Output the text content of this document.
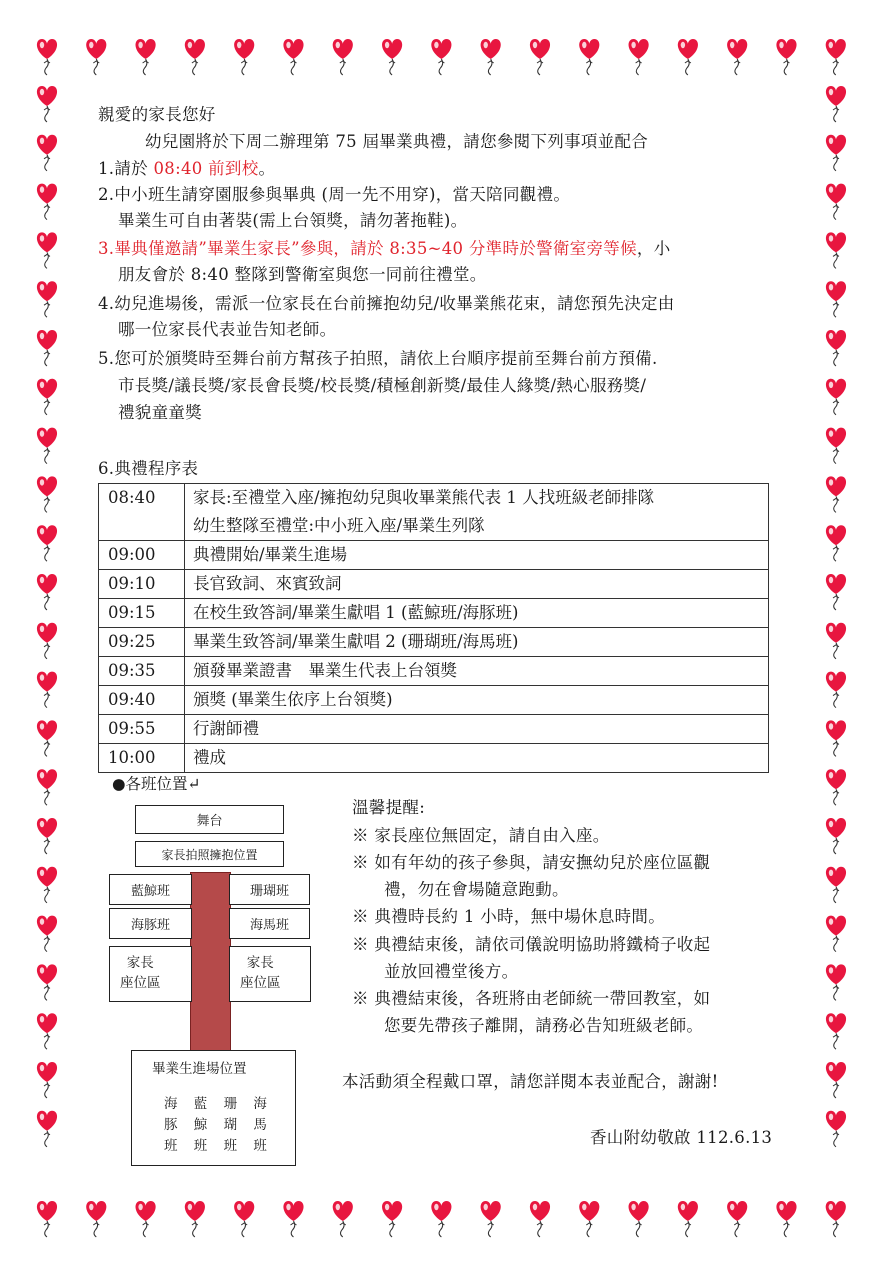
親愛的家長您好
幼兒園將於下周二辦理第 75 屆畢業典禮，請您參閱下列事項並配合
1.請於 08:40 前到校。
2.中小班生請穿園服參與畢典 (周一先不用穿)，當天陪同觀禮。
畢業生可自由著裝(需上台領獎，請勿著拖鞋)。
3.畢典僅邀請”畢業生家長”參與，請於 8:35~40 分準時於警衛室旁等候，小
朋友會於 8:40 整隊到警衛室與您一同前往禮堂。
4.幼兒進場後，需派一位家長在台前擁抱幼兒/收畢業熊花束，請您預先決定由
哪一位家長代表並告知老師。
5.您可於頒獎時至舞台前方幫孩子拍照，請依上台順序提前至舞台前方預備.
市長獎/議長獎/家長會長獎/校長獎/積極創新獎/最佳人緣獎/熱心服務獎/
禮貌童童獎
6.典禮程序表
08:40	家長:至禮堂入座/擁抱幼兒與收畢業熊代表 1 人找班級老師排隊
幼生整隊至禮堂:中小班入座/畢業生列隊

09:00	典禮開始/畢業生進場
09:10	長官致詞、來賓致詞
09:15	在校生致答詞/畢業生獻唱 1 (藍鯨班/海豚班)
09:25	畢業生致答詞/畢業生獻唱 2 (珊瑚班/海馬班)
09:35	頒發畢業證書　畢業生代表上台領獎
09:40	頒獎 (畢業生依序上台領獎)
09:55	行謝師禮
10:00	禮成
●各班位置↵
舞台
家長拍照擁抱位置
藍鯨班	珊瑚班
海豚班	海馬班
家長
座位區
家長
座位區
畢業生進場位置
海 藍 珊 海
豚 鯨 瑚 馬
班 班 班 班
溫馨提醒:
※ 家長座位無固定，請自由入座。
※ 如有年幼的孩子參與，請安撫幼兒於座位區觀
禮，勿在會場隨意跑動。
※ 典禮時長約 1 小時，無中場休息時間。
※ 典禮結束後，請依司儀說明協助將鐵椅子收起
並放回禮堂後方。
※ 典禮結束後，各班將由老師統一帶回教室，如
您要先帶孩子離開，請務必告知班級老師。
本活動須全程戴口罩，請您詳閱本表並配合，謝謝!
香山附幼敬啟 112.6.13
